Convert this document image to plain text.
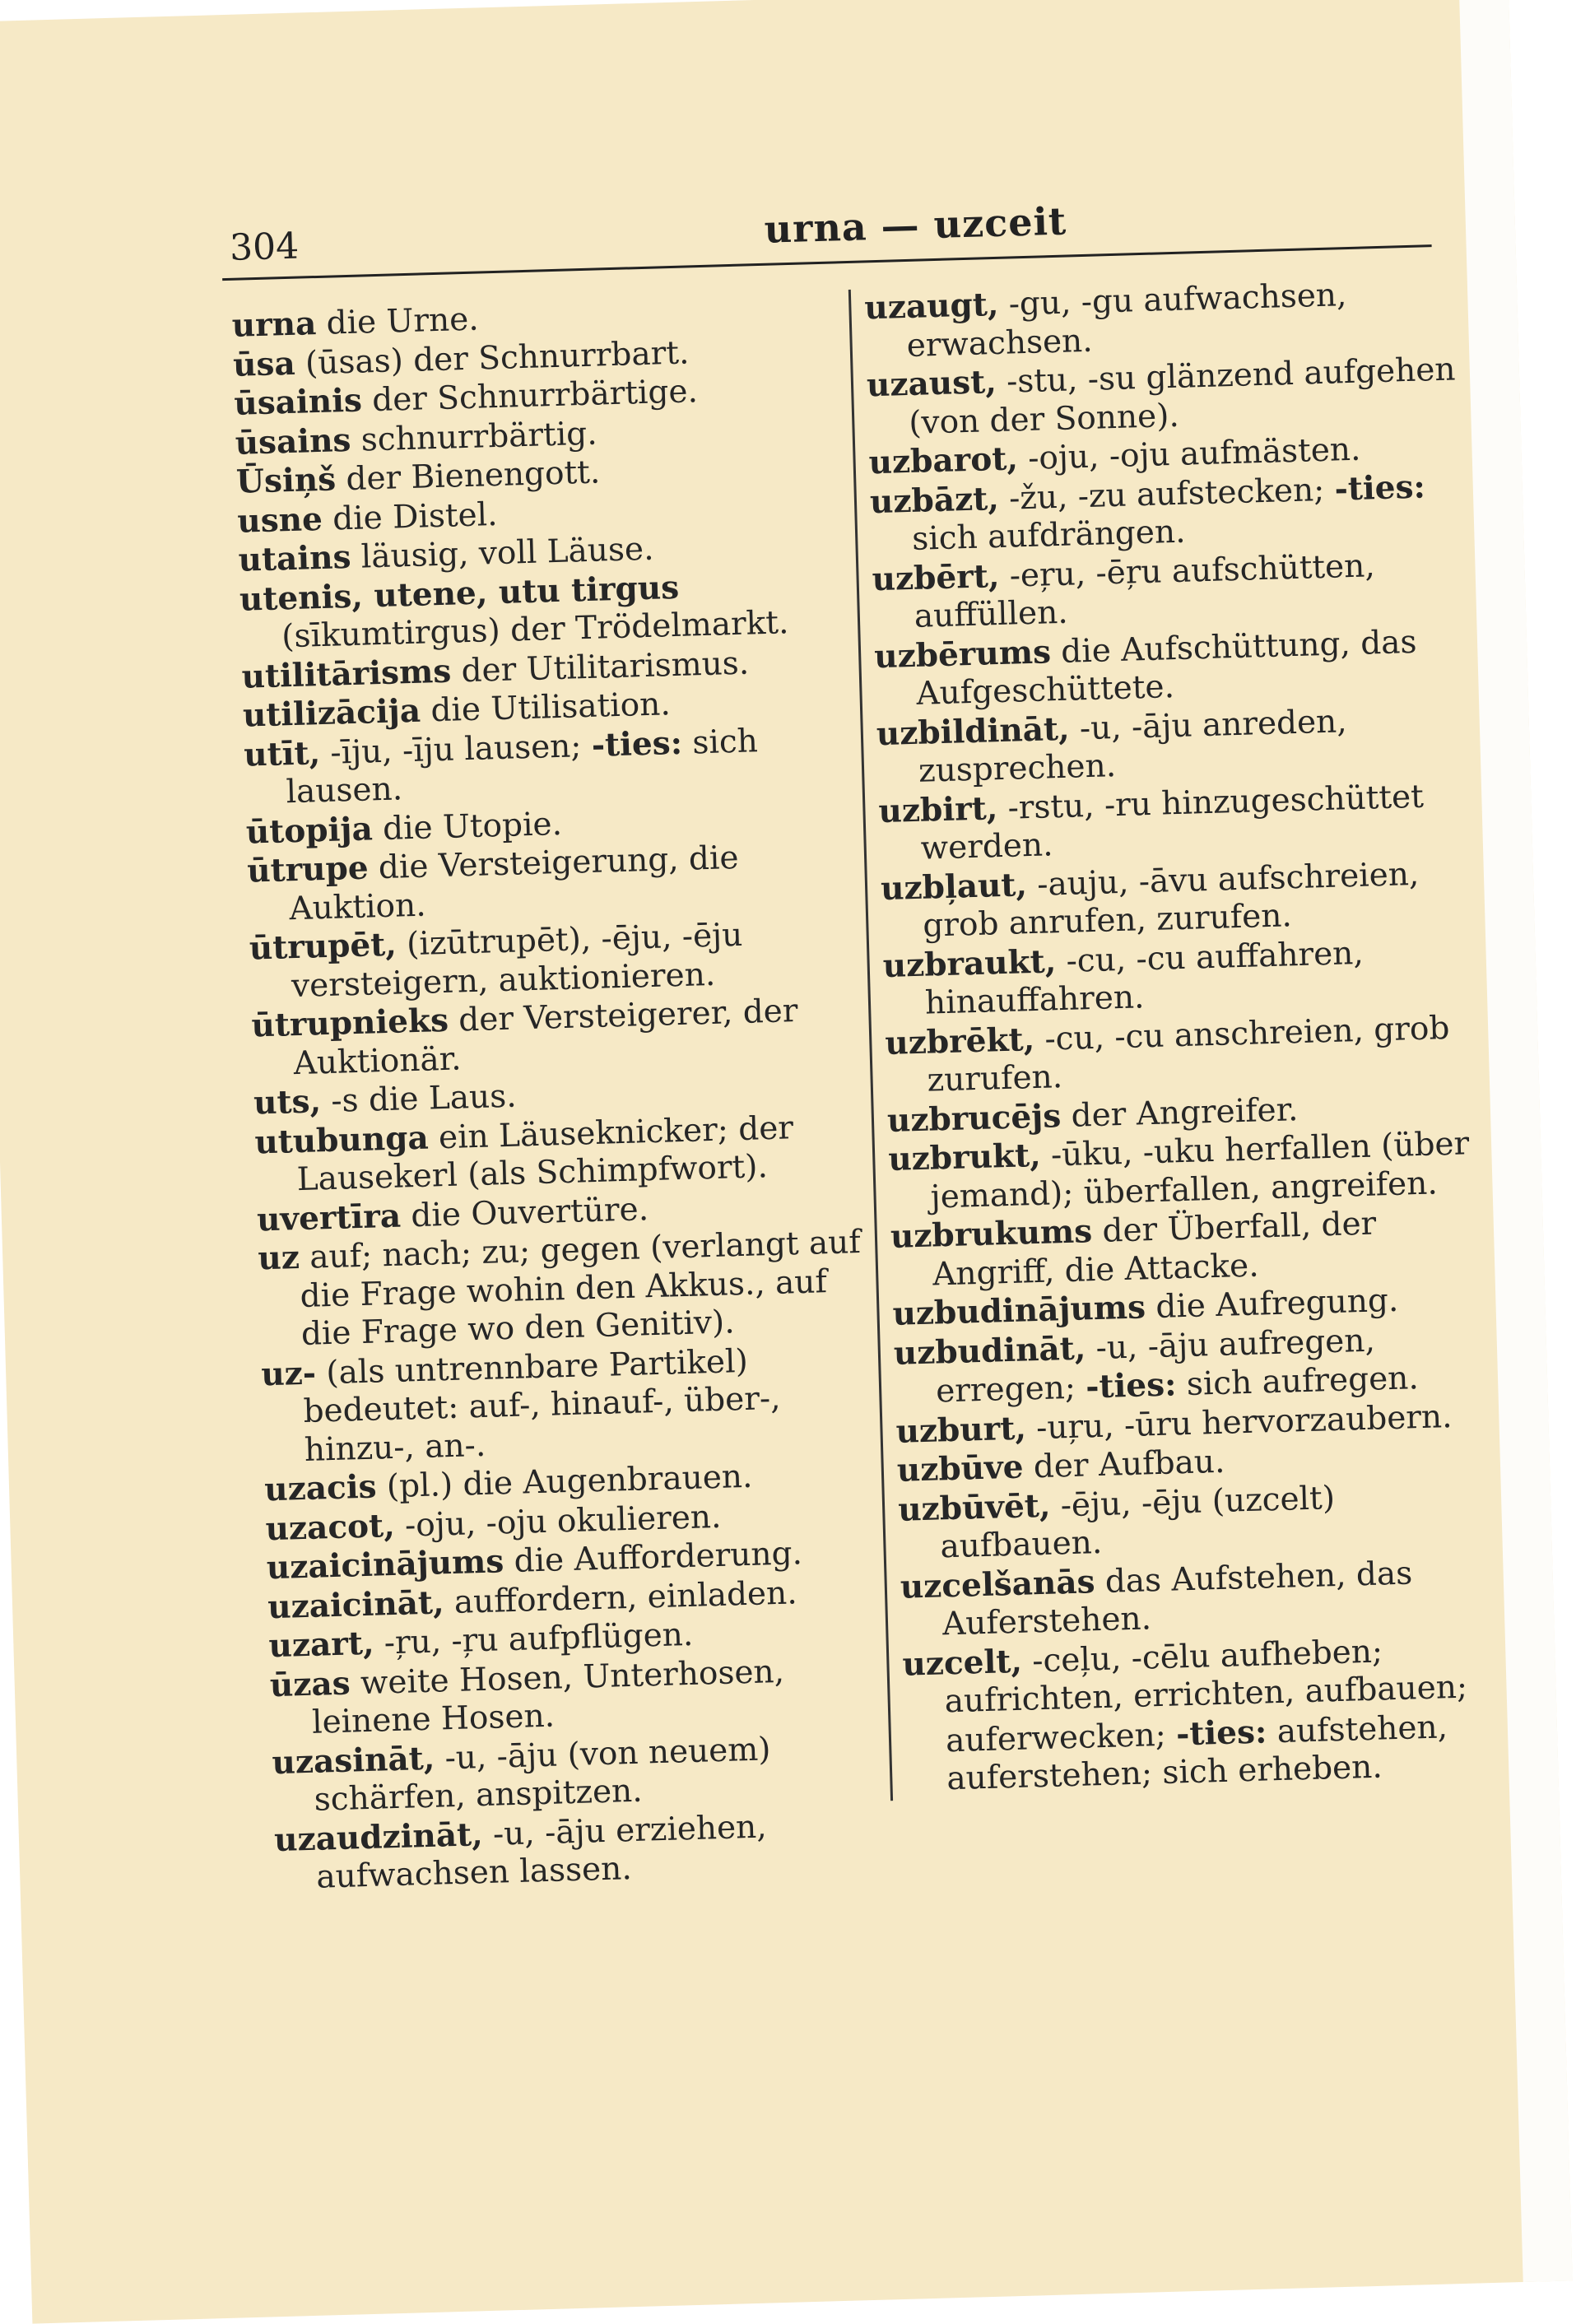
304	urna — uzceit

urna die Urne.

ūsa (ūsas) der Schnurrbart.

ūsainis der Schnurrbärtige.

ūsains schnurrbärtig.

Ūsiņš der Bienengott.

usne die Distel.

utains läusig, voll Läuse.

utenis, utene, utu tirgus (sīkumtirgus) der Trödelmarkt.

utilitārisms der Utilitarismus.

utilizācija die Utilisation.

utīt, -īju, -īju lausen; -ties: sich lausen.

ūtopija die Utopie.

ūtrupe die Versteigerung, die Auktion.

ūtrupēt, (izūtrupēt), -ēju, -ēju versteigern, auktionieren.

ūtrupnieks der Versteigerer, der Auktionär.

uts, -s die Laus.

utubunga ein Läuseknicker; der Lausekerl (als Schimpfwort).

uvertīra die Ouvertüre.

uz auf; nach; zu; gegen (verlangt auf die Frage wohin den Akkus., auf die Frage wo den Genitiv).

uz- (als untrennbare Partikel) bedeutet: auf-, hinauf-, über-, hinzu-, an-.

uzacis (pl.) die Augenbrauen.

uzacot, -oju, -oju okulieren.

uzaicinājums die Aufforderung.

uzaicināt, auffordern, einladen.

uzart, -ŗu, -ŗu aufpflügen.

ūzas weite Hosen, Unterhosen, leinene Hosen.

uzasināt, -u, -āju (von neuem) schärfen, anspitzen.

uzaudzināt, -u, -āju erziehen, aufwachsen lassen.

uzaugt, -gu, -gu aufwachsen, erwachsen.

uzaust, -stu, -su glänzend aufgehen (von der Sonne).

uzbarot, -oju, -oju aufmästen.

uzbāzt, -žu, -zu aufstecken; -ties: sich aufdrängen.

uzbērt, -eŗu, -ēŗu aufschütten, auffüllen.

uzbērums die Aufschüttung, das Aufgeschüttete.

uzbildināt, -u, -āju anreden, zusprechen.

uzbirt, -rstu, -ru hinzugeschüttet werden.

uzbļaut, -auju, -āvu aufschreien, grob anrufen, zurufen.

uzbraukt, -cu, -cu auffahren, hinauffahren.

uzbrēkt, -cu, -cu anschreien, grob zurufen.

uzbrucējs der Angreifer.

uzbrukt, -ūku, -uku herfallen (über jemand); überfallen, angreifen.

uzbrukums der Überfall, der Angriff, die Attacke.

uzbudinājums die Aufregung.

uzbudināt, -u, -āju aufregen, erregen; -ties: sich aufregen.

uzburt, -uŗu, -ūru hervorzaubern.

uzbūve der Aufbau.

uzbūvēt, -ēju, -ēju (uzcelt) aufbauen.

uzcelšanās das Aufstehen, das Auferstehen.

uzcelt, -ceļu, -cēlu aufheben; aufrichten, errichten, aufbauen; auferwecken; -ties: aufstehen, auferstehen; sich erheben.
